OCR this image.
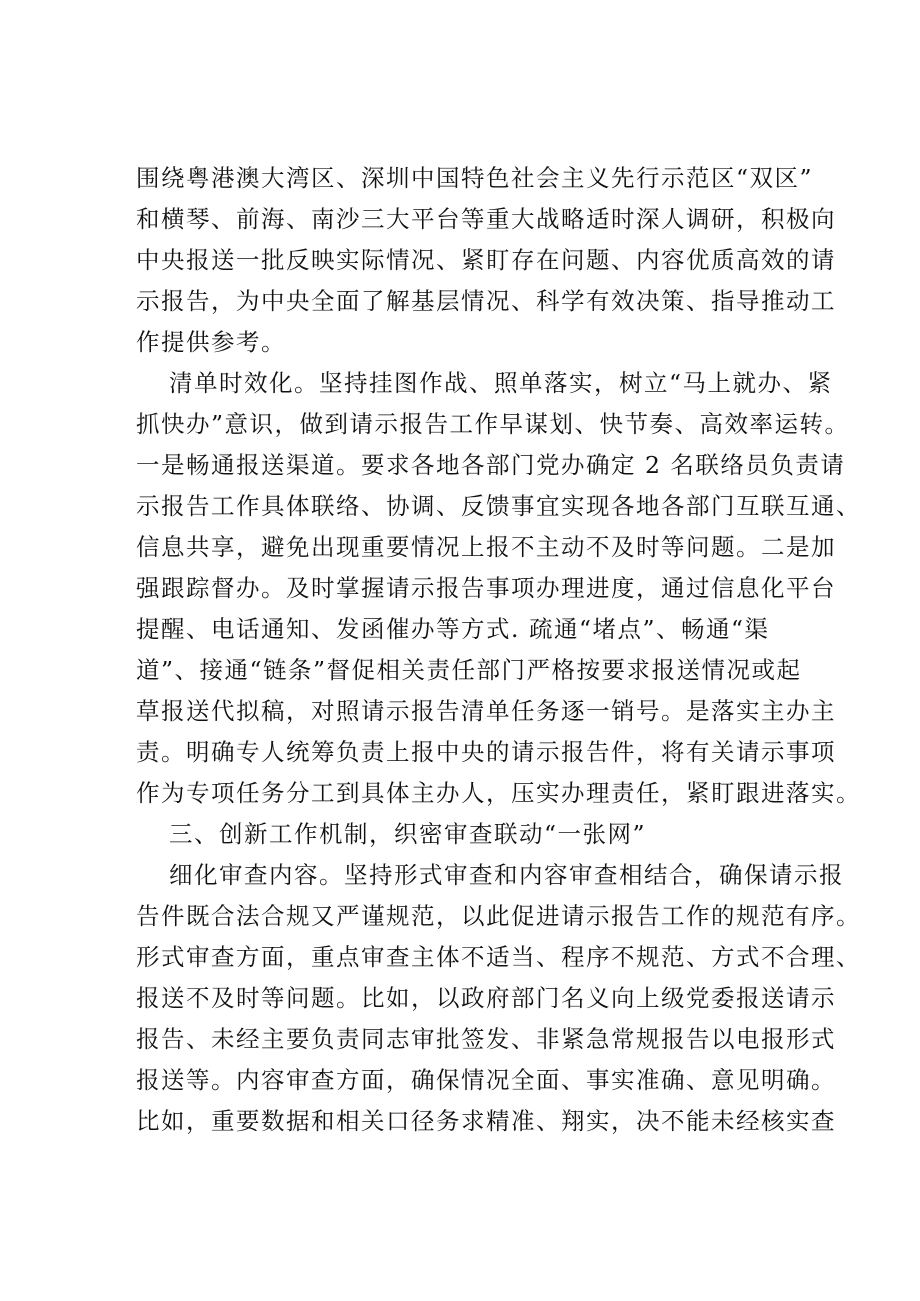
围绕粤港澳大湾区、深圳中国特色社会主义先行示范区“双区”
和横琴、前海、南沙三大平台等重大战略适时深人调研，积极向
中央报送一批反映实际情况、紧盯存在问题、内容优质高效的请
示报告，为中央全面了解基层情况、科学有效决策、指导推动工
作提供参考。
清单时效化。坚持挂图作战、照单落实，树立“马上就办、紧
抓快办”意识，做到请示报告工作早谋划、快节奏、高效率运转。
一是畅通报送渠道。要求各地各部门党办确定 2 名联络员负责请
示报告工作具体联络、协调、反馈事宜实现各地各部门互联互通、
信息共享，避免出现重要情况上报不主动不及时等问题。二是加
强跟踪督办。及时掌握请示报告事项办理进度，通过信息化平台
提醒、电话通知、发函催办等方式. 疏通“堵点”、畅通“渠
道”、接通“链条”督促相关责任部门严格按要求报送情况或起
草报送代拟稿，对照请示报告清单任务逐一销号。是落实主办主
责。明确专人统筹负责上报中央的请示报告件，将有关请示事项
作为专项任务分工到具体主办人，压实办理责任，紧盯跟进落实。
三、创新工作机制，织密审查联动“一张网”
细化审查内容。坚持形式审查和内容审查相结合，确保请示报
告件既合法合规又严谨规范，以此促进请示报告工作的规范有序。
形式审查方面，重点审查主体不适当、程序不规范、方式不合理、
报送不及时等问题。比如，以政府部门名义向上级党委报送请示
报告、未经主要负责同志审批签发、非紧急常规报告以电报形式
报送等。内容审查方面，确保情况全面、事实准确、意见明确。
比如，重要数据和相关口径务求精准、翔实，决不能未经核实查
